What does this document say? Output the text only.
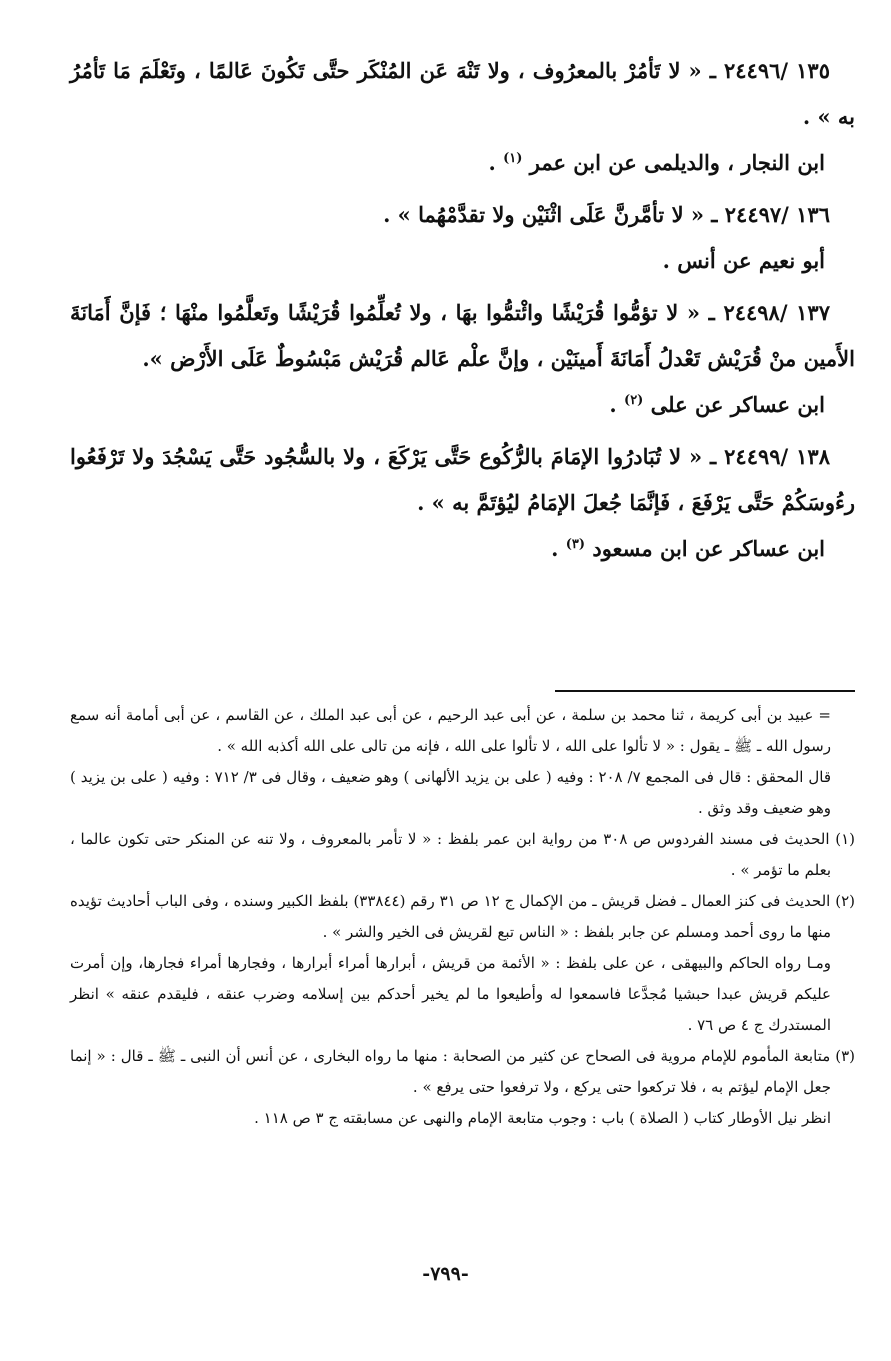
١٣٥ /٢٤٤٩٦ ـ « لا تَأمُرْ بالمعرُوف ، ولا تَنْهَ عَن المُنْكَر حتَّى تَكُونَ عَالمًا ، وتَعْلَمَ مَا تَأمُرُ به » .

ابن النجار ، والديلمى عن ابن عمر $^{(١)}$ .

١٣٦ /٢٤٤٩٧ ـ « لا تأمَّرنَّ عَلَى اثْنَيْن ولا تقدَّمْهُما » .

أبو نعيم عن أنس .

١٣٧ /٢٤٤٩٨ ـ « لا تؤمُّوا قُرَيْشًا وائْتمُّوا بهَا ، ولا تُعلِّمُوا قُرَيْشًا وتَعلَّمُوا منْهَا ؛ فَإنَّ أَمَانَةَ الأَمين منْ قُرَيْش تَعْدلُ أَمَانَةَ أَمينَيْن ، وإنَّ علْم عَالم قُرَيْش مَبْسُوطٌ عَلَى الأَرْض ».

ابن عساكر عن على $^{(٢)}$ .

١٣٨ /٢٤٤٩٩ ـ « لا تُبَادرُوا الإمَامَ بالرُّكُوع حَتَّى يَرْكَعَ ، ولا بالسُّجُود حَتَّى يَسْجُدَ ولا تَرْفَعُوا رءُوسَكُمْ حَتَّى يَرْفَعَ ، فَإنَّمَا جُعلَ الإمَامُ ليُؤتَمَّ به » .

ابن عساكر عن ابن مسعود $^{(٣)}$ .

= عبيد بن أبى كريمة ، ثنا محمد بن سلمة ، عن أبى عبد الرحيم ، عن أبى عبد الملك ، عن القاسم ، عن أبى أمامة أنه سمع رسول الله ـ ﷺ ـ يقول : « لا تألوا على الله ، لا تألوا على الله ، فإنه من تالى على الله أكذبه الله » .

قال المحقق : قال فى المجمع ٧/ ٢٠٨ : وفيه ( على بن يزيد الألهانى ) وهو ضعيف ، وقال فى ٣/ ٧١٢ : وفيه ( على بن يزيد ) وهو ضعيف وقد وثق .

(١) الحديث فى مسند الفردوس ص ٣٠٨ من رواية ابن عمر بلفظ : « لا تأمر بالمعروف ، ولا تنه عن المنكر حتى تكون عالما ، بعلم ما تؤمر » .

(٢) الحديث فى كنز العمال ـ فضل قريش ـ من الإكمال ج ١٢ ص ٣١ رقم (٣٣٨٤٤) بلفظ الكبير وسنده ، وفى الباب أحاديث تؤيده منها ما روى أحمد ومسلم عن جابر بلفظ : « الناس تبع لقريش فى الخير والشر » .

ومـا رواه الحاكم والبيهقى ، عن على بلفظ : « الأئمة من قريش ، أبرارها أمراء أبرارها ، وفجارها أمراء فجارها، وإن أمرت عليكم قريش عبدا حبشيا مُجدَّعا فاسمعوا له وأطيعوا ما لم يخير أحدكم بين إسلامه وضرب عنقه ، فليقدم عنقه » انظر المستدرك ج ٤ ص ٧٦ .

(٣) متابعة المأموم للإمام مروية فى الصحاح عن كثير من الصحابة : منها ما رواه البخارى ، عن أنس أن النبى ـ ﷺ ـ قال : « إنما جعل الإمام ليؤتم به ، فلا تركعوا حتى يركع ، ولا ترفعوا حتى يرفع » .

انظر نيل الأوطار كتاب ( الصلاة ) باب : وجوب متابعة الإمام والنهى عن مسابقته ج ٣ ص ١١٨ .

-٧٩٩-
